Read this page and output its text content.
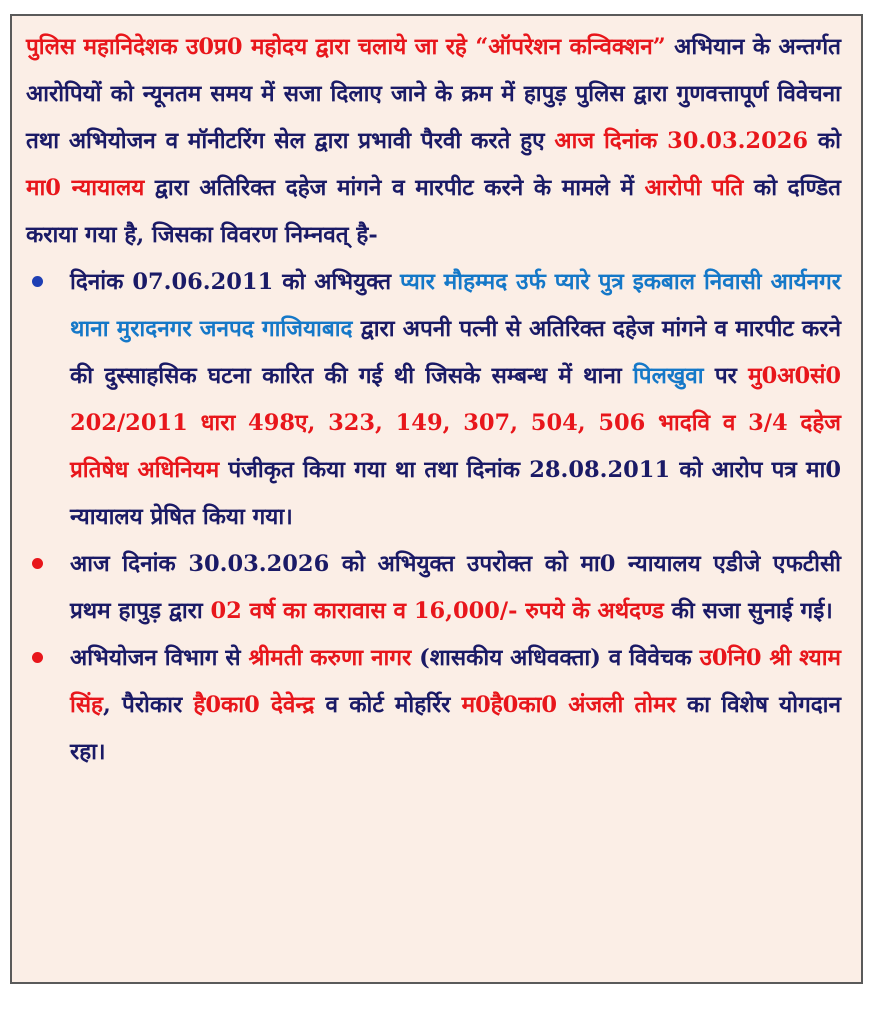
पुलिस महानिदेशक उ0प्र0 महोदय द्वारा चलाये जा रहे “ऑपरेशन कन्विक्शन” अभियान के अन्तर्गत आरोपियों को न्यूनतम समय में सजा दिलाए जाने के क्रम में हापुड़ पुलिस द्वारा गुणवत्तापूर्ण विवेचना तथा अभियोजन व मॉनीटरिंग सेल द्वारा प्रभावी पैरवी करते हुए आज दिनांक 30.03.2026 को मा0 न्यायालय द्वारा अतिरिक्त दहेज मांगने व मारपीट करने के मामले में आरोपी पति को दण्डित कराया गया है, जिसका विवरण निम्नवत् है-

दिनांक 07.06.2011 को अभियुक्त प्यार मौहम्मद उर्फ प्यारे पुत्र इकबाल निवासी आर्यनगर थाना मुरादनगर जनपद गाजियाबाद द्वारा अपनी पत्नी से अतिरिक्त दहेज मांगने व मारपीट करने की दुस्साहसिक घटना कारित की गई थी जिसके सम्बन्ध में थाना पिलखुवा पर मु0अ0सं0 202/2011 धारा 498ए, 323, 149, 307, 504, 506 भादवि व 3/4 दहेज प्रतिषेध अधिनियम पंजीकृत किया गया था तथा दिनांक 28.08.2011 को आरोप पत्र मा0 न्यायालय प्रेषित किया गया।
आज दिनांक 30.03.2026 को अभियुक्त उपरोक्त को मा0 न्यायालय एडीजे एफटीसी प्रथम हापुड़ द्वारा 02 वर्ष का कारावास व 16,000/- रुपये के अर्थदण्ड की सजा सुनाई गई।
अभियोजन विभाग से श्रीमती करुणा नागर (शासकीय अधिवक्ता) व विवेचक उ0नि0 श्री श्याम सिंह, पैरोकार है0का0 देवेन्द्र व कोर्ट मोहर्रिर म0है0का0 अंजली तोमर का विशेष योगदान रहा।
